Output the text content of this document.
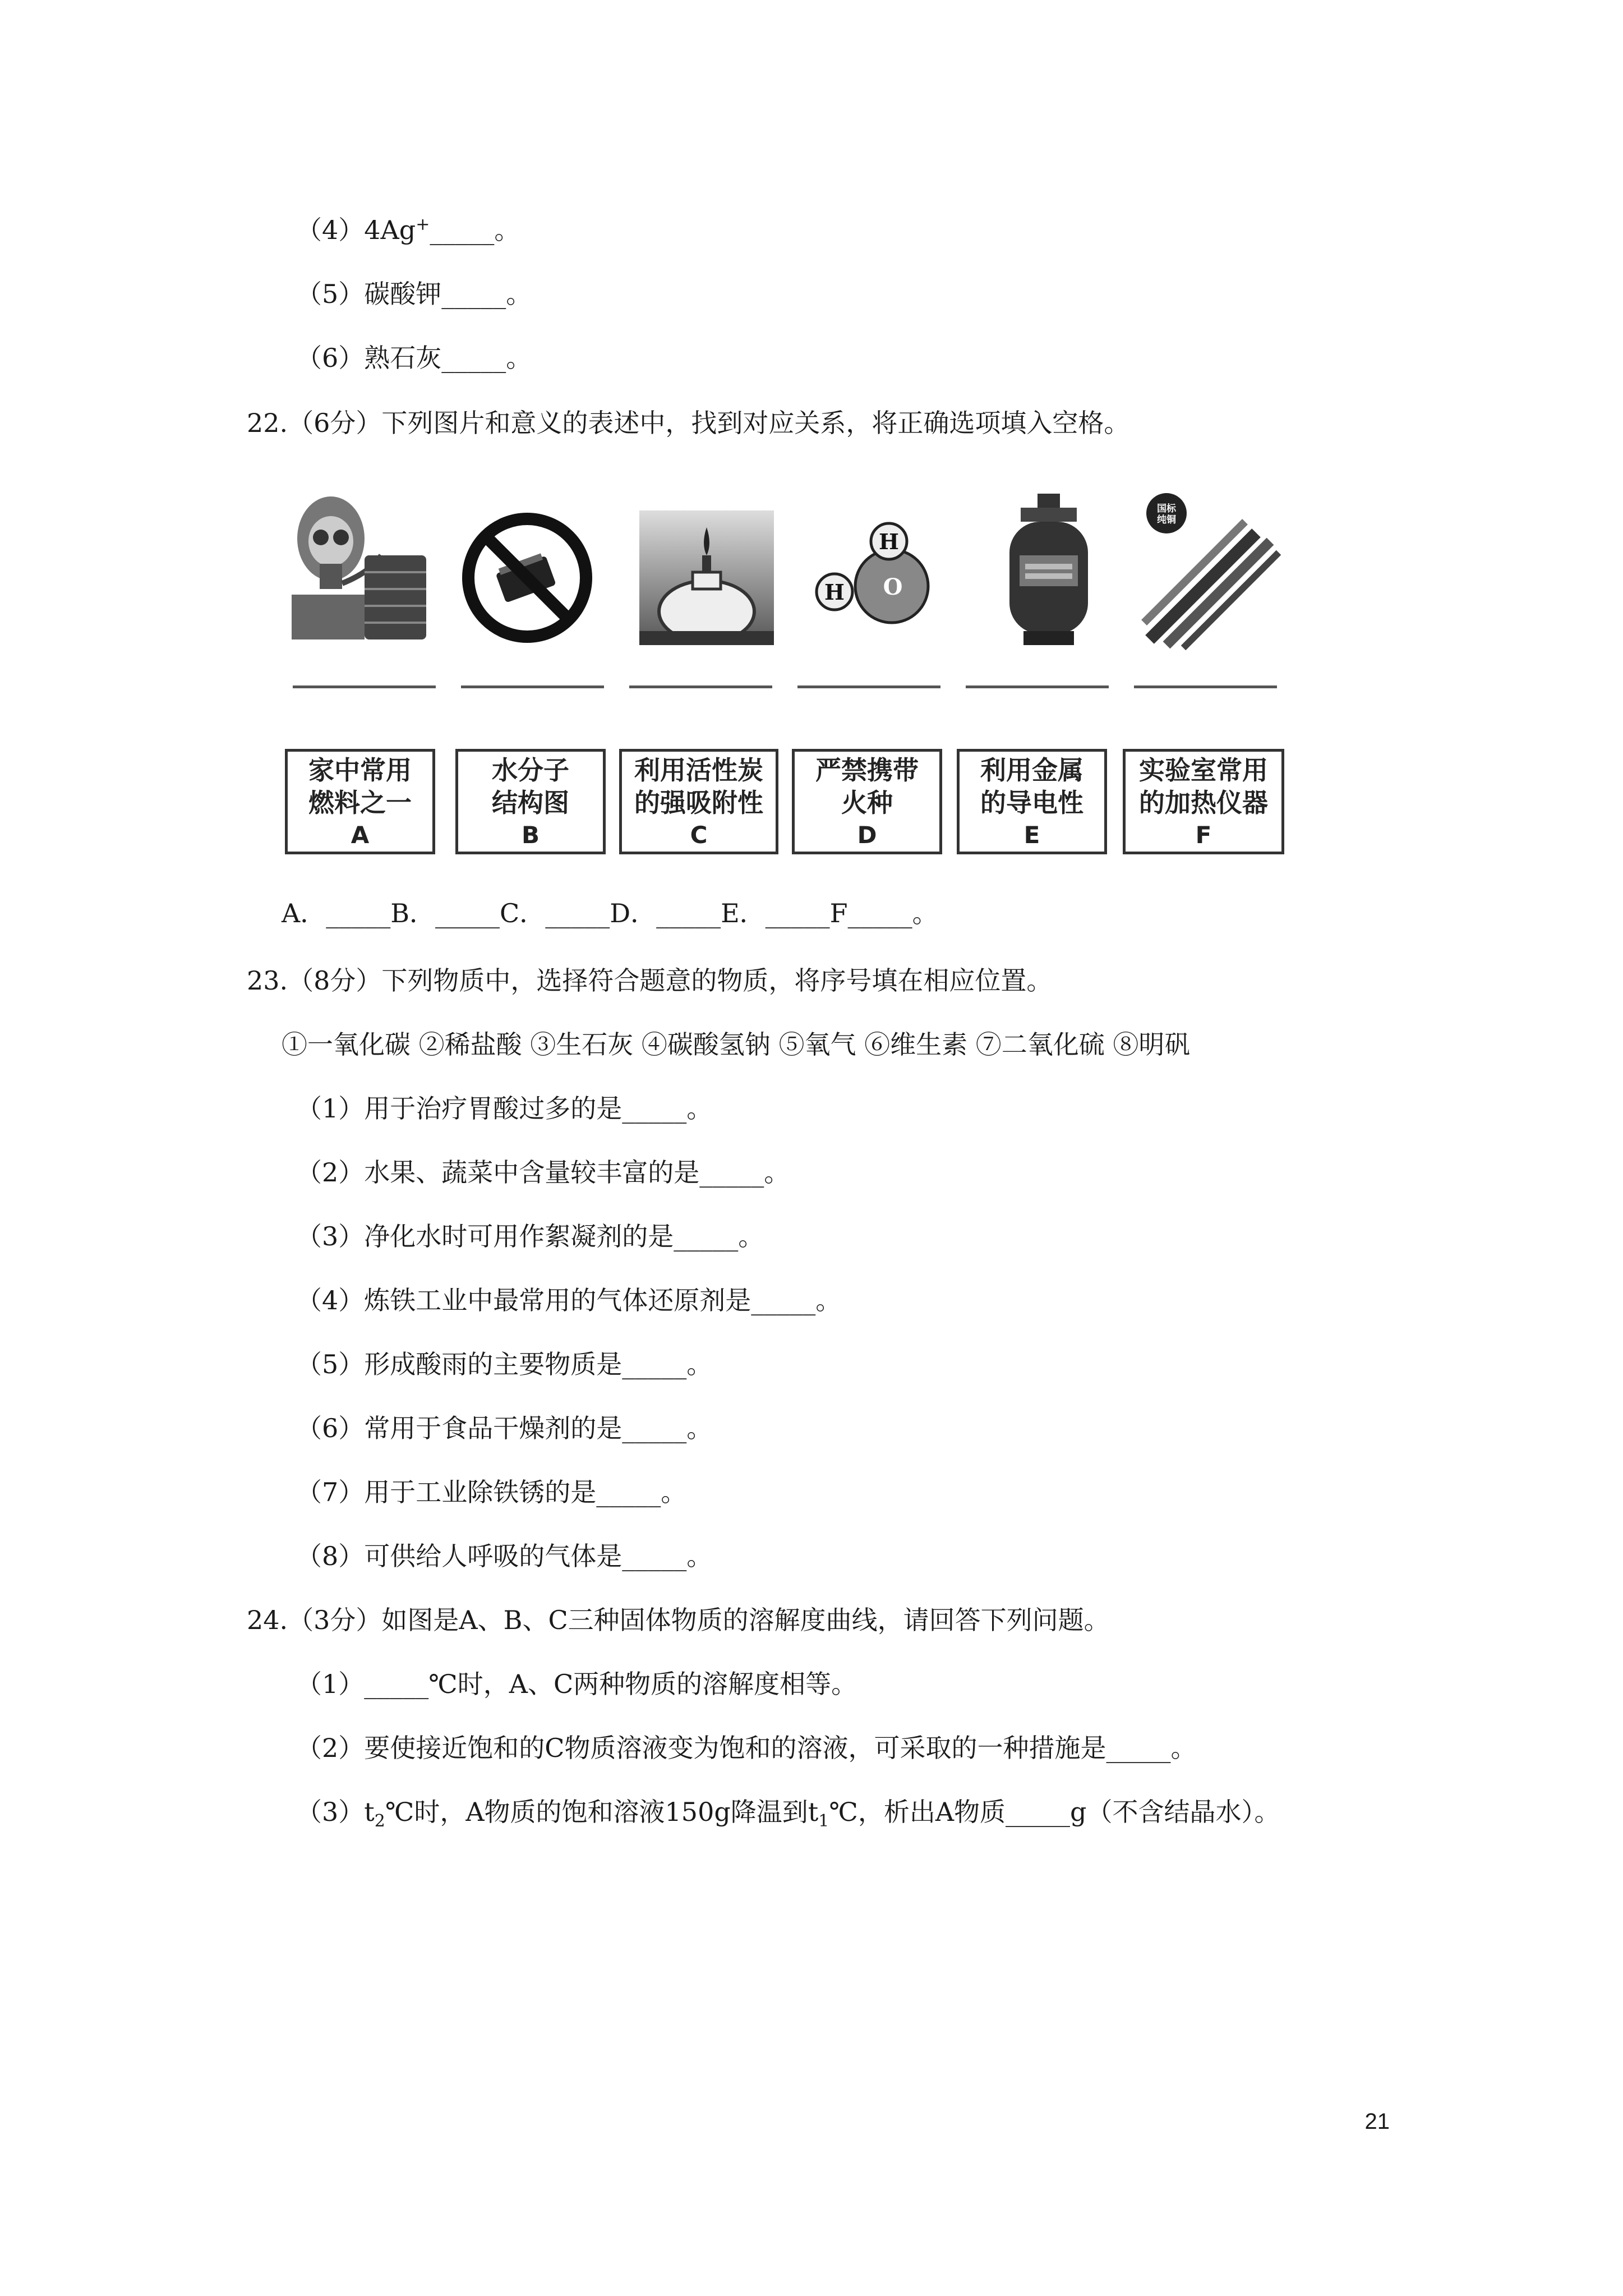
（4）4Ag+_____。
（5）碳酸钾_____。
（6）熟石灰_____。
22.（6分）下列图片和意义的表述中，找到对应关系，将正确选项填入空格。
H
H O
国标
纯铜
家中常用
燃料之一
A
水分子
结构图
B
利用活性炭
的强吸附性
C
严禁携带
火种
D
利用金属
的导电性
E
实验室常用
的加热仪器
F
A．_____B．_____C．_____D．_____E．_____F_____。
23.（8分）下列物质中，选择符合题意的物质，将序号填在相应位置。
①一氧化碳 ②稀盐酸 ③生石灰 ④碳酸氢钠 ⑤氧气 ⑥维生素 ⑦二氧化硫 ⑧明矾
（1）用于治疗胃酸过多的是_____。
（2）水果、蔬菜中含量较丰富的是_____。
（3）净化水时可用作絮凝剂的是_____。
（4）炼铁工业中最常用的气体还原剂是_____。
（5）形成酸雨的主要物质是_____。
（6）常用于食品干燥剂的是_____。
（7）用于工业除铁锈的是_____。
（8）可供给人呼吸的气体是_____。
24.（3分）如图是A、B、C三种固体物质的溶解度曲线，请回答下列问题。
（1）_____℃时，A、C两种物质的溶解度相等。
（2）要使接近饱和的C物质溶液变为饱和的溶液，可采取的一种措施是_____。
$(3)t_2℃$时，A物质的饱和溶液150g降温到$t_1℃$，析出A物质_____g（不含结晶水）。
21
